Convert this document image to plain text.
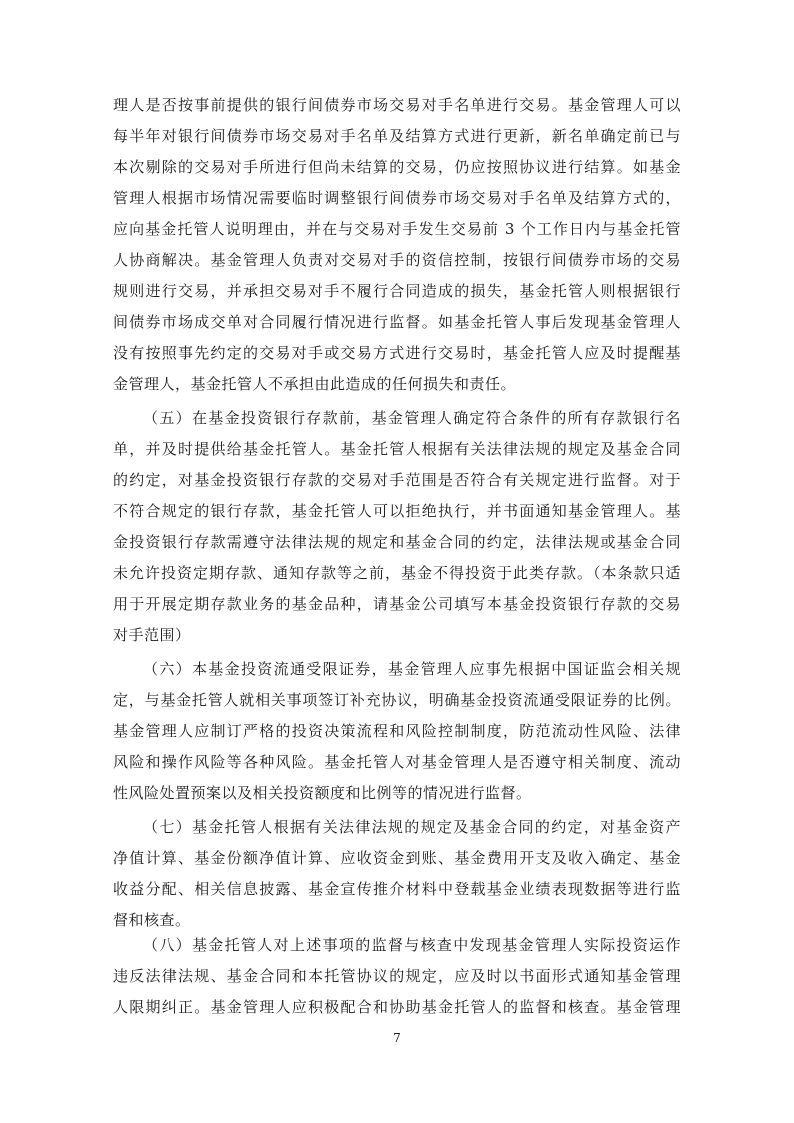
理人是否按事前提供的银行间债券市场交易对手名单进行交易。基金管理人可以
每半年对银行间债券市场交易对手名单及结算方式进行更新，新名单确定前已与
本次剔除的交易对手所进行但尚未结算的交易，仍应按照协议进行结算。如基金
管理人根据市场情况需要临时调整银行间债券市场交易对手名单及结算方式的，
应向基金托管人说明理由，并在与交易对手发生交易前 3 个工作日内与基金托管
人协商解决。基金管理人负责对交易对手的资信控制，按银行间债券市场的交易
规则进行交易，并承担交易对手不履行合同造成的损失，基金托管人则根据银行
间债券市场成交单对合同履行情况进行监督。如基金托管人事后发现基金管理人
没有按照事先约定的交易对手或交易方式进行交易时，基金托管人应及时提醒基
金管理人，基金托管人不承担由此造成的任何损失和责任。
（五）在基金投资银行存款前，基金管理人确定符合条件的所有存款银行名
单，并及时提供给基金托管人。基金托管人根据有关法律法规的规定及基金合同
的约定，对基金投资银行存款的交易对手范围是否符合有关规定进行监督。对于
不符合规定的银行存款，基金托管人可以拒绝执行，并书面通知基金管理人。基
金投资银行存款需遵守法律法规的规定和基金合同的约定，法律法规或基金合同
未允许投资定期存款、通知存款等之前，基金不得投资于此类存款。（本条款只适
用于开展定期存款业务的基金品种，请基金公司填写本基金投资银行存款的交易
对手范围）
（六）本基金投资流通受限证券，基金管理人应事先根据中国证监会相关规
定，与基金托管人就相关事项签订补充协议，明确基金投资流通受限证券的比例。
基金管理人应制订严格的投资决策流程和风险控制制度，防范流动性风险、法律
风险和操作风险等各种风险。基金托管人对基金管理人是否遵守相关制度、流动
性风险处置预案以及相关投资额度和比例等的情况进行监督。
（七）基金托管人根据有关法律法规的规定及基金合同的约定，对基金资产
净值计算、基金份额净值计算、应收资金到账、基金费用开支及收入确定、基金
收益分配、相关信息披露、基金宣传推介材料中登载基金业绩表现数据等进行监
督和核查。
（八）基金托管人对上述事项的监督与核查中发现基金管理人实际投资运作
违反法律法规、基金合同和本托管协议的规定，应及时以书面形式通知基金管理
人限期纠正。基金管理人应积极配合和协助基金托管人的监督和核查。基金管理
7
